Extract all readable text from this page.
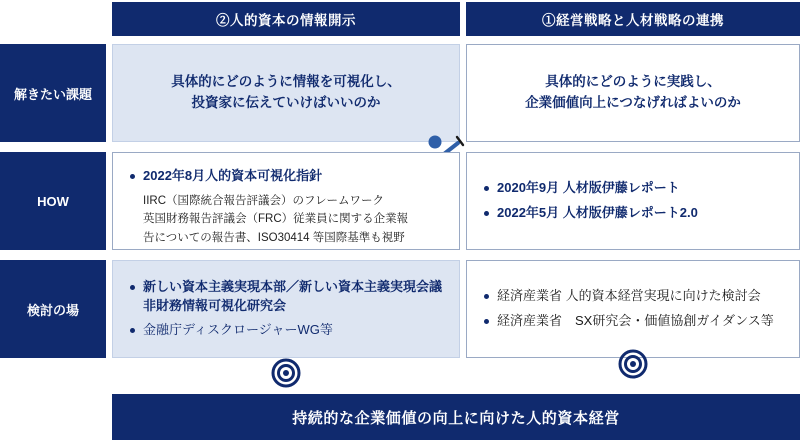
②人的資本の情報開示	①経営戦略と人材戦略の連携
解きたい課題
HOW
検討の場
具体的にどのように情報を可視化し、
投資家に伝えていけばいいのか
具体的にどのように実践し、
企業価値向上につなげればよいのか
2022年8月人的資本可視化指針
IIRC（国際統合報告評議会）のフレームワーク
英国財務報告評議会（FRC）従業員に関する企業報
告についての報告書、ISO30414 等国際基準も視野
2020年9月 人材版伊藤レポート
2022年5月 人材版伊藤レポート2.0
新しい資本主義実現本部／新しい資本主義実現会議 非財務情報可視化研究会
金融庁ディスクロージャーWG等
経済産業省 人的資本経営実現に向けた検討会
経済産業省　SX研究会・価値協創ガイダンス等
持続的な企業価値の向上に向けた人的資本経営
